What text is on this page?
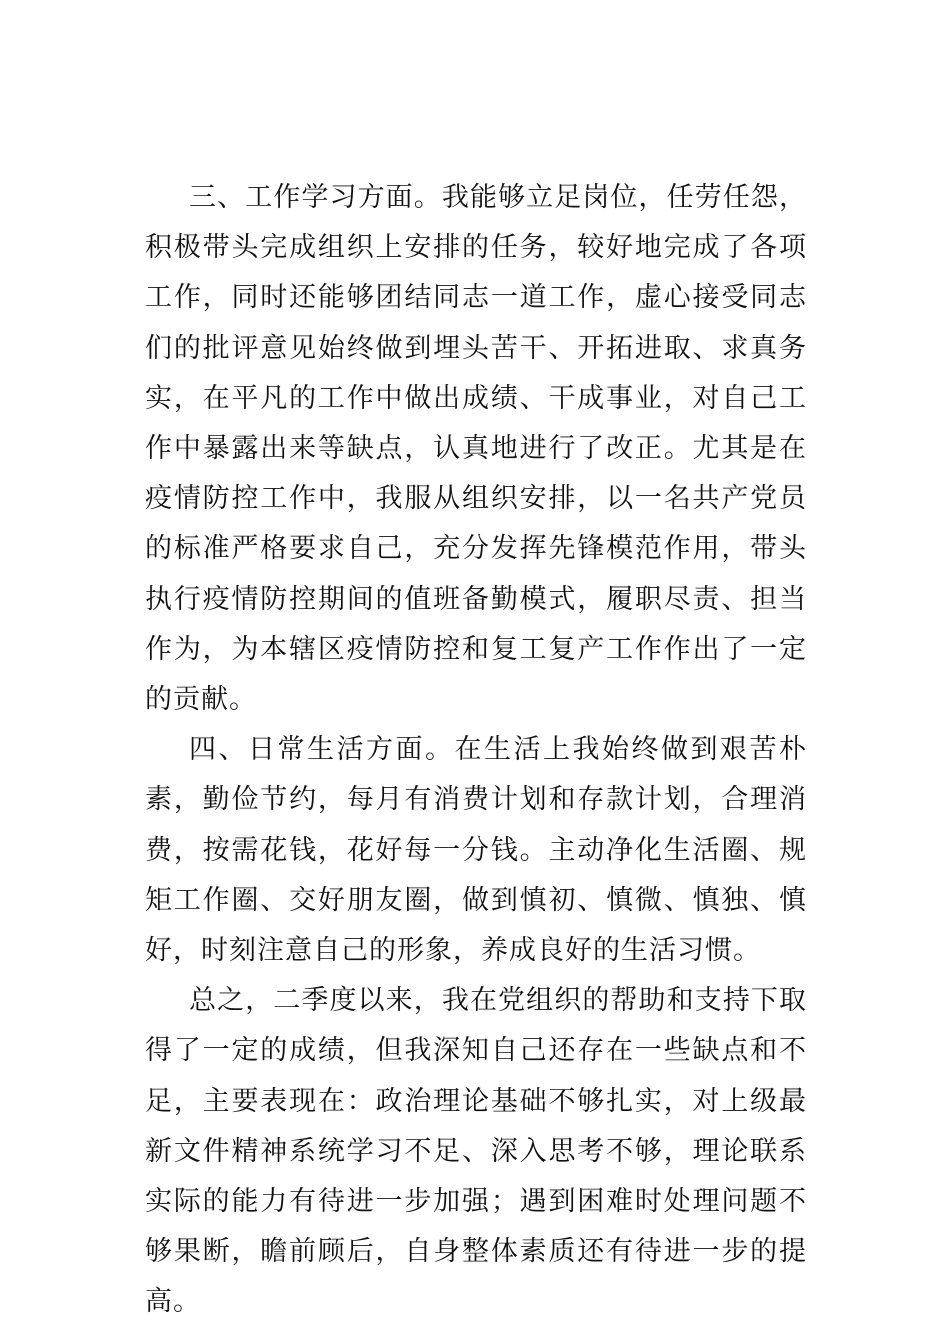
三、工作学习方面。我能够立足岗位，任劳任怨，积极带头完成组织上安排的任务，较好地完成了各项工作，同时还能够团结同志一道工作，虚心接受同志们的批评意见始终做到埋头苦干、开拓进取、求真务实，在平凡的工作中做出成绩、干成事业，对自己工作中暴露出来等缺点，认真地进行了改正。尤其是在疫情防控工作中，我服从组织安排，以一名共产党员的标准严格要求自己，充分发挥先锋模范作用，带头执行疫情防控期间的值班备勤模式，履职尽责、担当作为，为本辖区疫情防控和复工复产工作作出了一定的贡献。

四、日常生活方面。在生活上我始终做到艰苦朴素，勤俭节约，每月有消费计划和存款计划，合理消费，按需花钱，花好每一分钱。主动净化生活圈、规矩工作圈、交好朋友圈，做到慎初、慎微、慎独、慎好，时刻注意自己的形象，养成良好的生活习惯。

总之，二季度以来，我在党组织的帮助和支持下取得了一定的成绩，但我深知自己还存在一些缺点和不足，主要表现在：政治理论基础不够扎实，对上级最新文件精神系统学习不足、深入思考不够，理论联系实际的能力有待进一步加强；遇到困难时处理问题不够果断，瞻前顾后，自身整体素质还有待进一步的提高。
